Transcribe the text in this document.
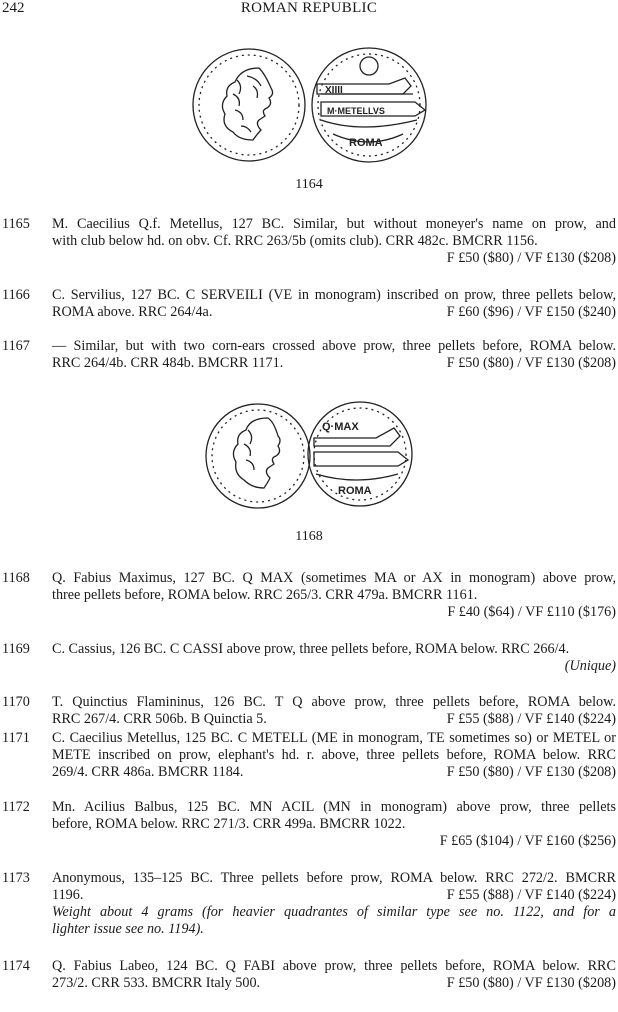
242	ROMAN REPUBLIC
XIIII
M·METELLVS
ROMA
1164
1165 M. Caecilius Q.f. Metellus, 127 BC. Similar, but without moneyer's name on prow, and
with club below hd. on obv. Cf. RRC 263/5b (omits club). CRR 482c. BMCRR 1156.
F £50 ($80) / VF £130 ($208)
1166 C. Servilius, 127 BC. C SERVEILI (VE in monogram) inscribed on prow, three pellets below,
ROMA above. RRC 264/4a.	F £60 ($96) / VF £150 ($240)
1167 — Similar, but with two corn-ears crossed above prow, three pellets before, ROMA below.
RRC 264/4b. CRR 484b. BMCRR 1171.	F £50 ($80) / VF £130 ($208)
Q·MAX
ROMA
1168
1168 Q. Fabius Maximus, 127 BC. Q MAX (sometimes MA or AX in monogram) above prow,
three pellets before, ROMA below. RRC 265/3. CRR 479a. BMCRR 1161.
F £40 ($64) / VF £110 ($176)
1169 C. Cassius, 126 BC. C CASSI above prow, three pellets before, ROMA below. RRC 266/4.
(Unique)
1170 T. Quinctius Flamininus, 126 BC. T Q above prow, three pellets before, ROMA below.
RRC 267/4. CRR 506b. B Quinctia 5.	F £55 ($88) / VF £140 ($224)
1171 C. Caecilius Metellus, 125 BC. C METELL (ME in monogram, TE sometimes so) or METEL or
METE inscribed on prow, elephant's hd. r. above, three pellets before, ROMA below. RRC
269/4. CRR 486a. BMCRR 1184.	F £50 ($80) / VF £130 ($208)
1172 Mn. Acilius Balbus, 125 BC. MN ACIL (MN in monogram) above prow, three pellets
before, ROMA below. RRC 271/3. CRR 499a. BMCRR 1022.
F £65 ($104) / VF £160 ($256)
1173 Anonymous, 135–125 BC. Three pellets before prow, ROMA below. RRC 272/2. BMCRR
1196.	F £55 ($88) / VF £140 ($224)
Weight about 4 grams (for heavier quadrantes of similar type see no. 1122, and for a
lighter issue see no. 1194).
1174 Q. Fabius Labeo, 124 BC. Q FABI above prow, three pellets before, ROMA below. RRC
273/2. CRR 533. BMCRR Italy 500.	F £50 ($80) / VF £130 ($208)
